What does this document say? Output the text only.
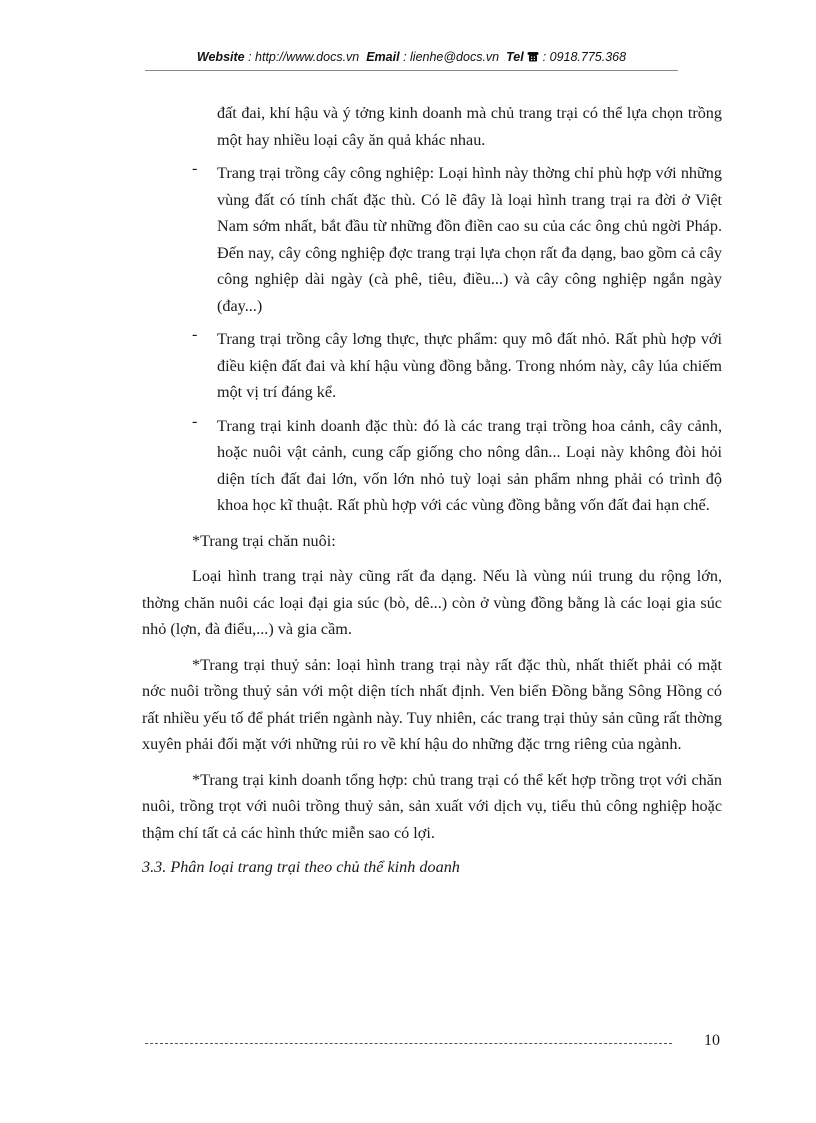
Website : http://www.docs.vn Email : lienhe@docs.vn Tel : 0918.775.368

đất đai, khí hậu và ý tởng kinh doanh mà chủ trang trại có thể lựa chọn trồng một hay nhiều loại cây ăn quả khác nhau.

- Trang trại trồng cây công nghiệp: Loại hình này thờng chỉ phù hợp với những vùng đất có tính chất đặc thù. Có lẽ đây là loại hình trang trại ra đời ở Việt Nam sớm nhất, bắt đầu từ những đồn điền cao su của các ông chủ ngời Pháp. Đến nay, cây công nghiệp đợc trang trại lựa chọn rất đa dạng, bao gồm cả cây công nghiệp dài ngày (cà phê, tiêu, điều...) và cây công nghiệp ngắn ngày (đay...)

- Trang trại trồng cây lơng thực, thực phẩm: quy mô đất nhỏ. Rất phù hợp với điều kiện đất đai và khí hậu vùng đồng bằng. Trong nhóm này, cây lúa chiếm một vị trí đáng kể.

- Trang trại kinh doanh đặc thù: đó là các trang trại trồng hoa cảnh, cây cảnh, hoặc nuôi vật cảnh, cung cấp giống cho nông dân... Loại này không đòi hỏi diện tích đất đai lớn, vốn lớn nhỏ tuỳ loại sản phẩm nhng phải có trình độ khoa học kĩ thuật. Rất phù hợp với các vùng đồng bằng vốn đất đai hạn chế.

*Trang trại chăn nuôi:

Loại hình trang trại này cũng rất đa dạng. Nếu là vùng núi trung du rộng lớn, thờng chăn nuôi các loại đại gia súc (bò, dê...) còn ở vùng đồng bằng là các loại gia súc nhỏ (lợn, đà điểu,...) và gia cầm.

*Trang trại thuỷ sản: loại hình trang trại này rất đặc thù, nhất thiết phải có mặt nớc nuôi trồng thuỷ sản với một diện tích nhất định. Ven biển Đồng bằng Sông Hồng có rất nhiều yếu tố để phát triển ngành này. Tuy nhiên, các trang trại thủy sản cũng rất thờng xuyên phải đối mặt với những rủi ro về khí hậu do những đặc trng riêng của ngành.

*Trang trại kinh doanh tổng hợp: chủ trang trại có thể kết hợp trồng trọt với chăn nuôi, trồng trọt với nuôi trồng thuỷ sản, sản xuất với dịch vụ, tiểu thủ công nghiệp hoặc thậm chí tất cả các hình thức miễn sao có lợi.

3.3. Phân loại trang trại theo chủ thể kinh doanh

10
